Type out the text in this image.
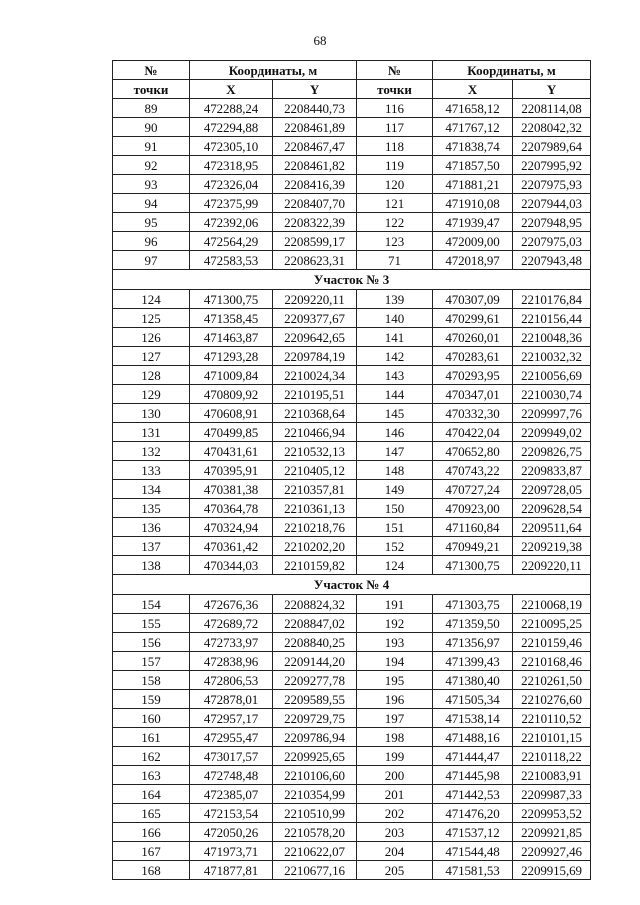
68
№	Координаты, м		№	Координаты, м	
точки	X	Y	точки	X	Y
89	472288,24	2208440,73	116	471658,12	2208114,08
90	472294,88	2208461,89	117	471767,12	2208042,32
91	472305,10	2208467,47	118	471838,74	2207989,64
92	472318,95	2208461,82	119	471857,50	2207995,92
93	472326,04	2208416,39	120	471881,21	2207975,93
94	472375,99	2208407,70	121	471910,08	2207944,03
95	472392,06	2208322,39	122	471939,47	2207948,95
96	472564,29	2208599,17	123	472009,00	2207975,03
97	472583,53	2208623,31	71	472018,97	2207943,48
Участок № 3					
124	471300,75	2209220,11	139	470307,09	2210176,84
125	471358,45	2209377,67	140	470299,61	2210156,44
126	471463,87	2209642,65	141	470260,01	2210048,36
127	471293,28	2209784,19	142	470283,61	2210032,32
128	471009,84	2210024,34	143	470293,95	2210056,69
129	470809,92	2210195,51	144	470347,01	2210030,74
130	470608,91	2210368,64	145	470332,30	2209997,76
131	470499,85	2210466,94	146	470422,04	2209949,02
132	470431,61	2210532,13	147	470652,80	2209826,75
133	470395,91	2210405,12	148	470743,22	2209833,87
134	470381,38	2210357,81	149	470727,24	2209728,05
135	470364,78	2210361,13	150	470923,00	2209628,54
136	470324,94	2210218,76	151	471160,84	2209511,64
137	470361,42	2210202,20	152	470949,21	2209219,38
138	470344,03	2210159,82	124	471300,75	2209220,11
Участок № 4					
154	472676,36	2208824,32	191	471303,75	2210068,19
155	472689,72	2208847,02	192	471359,50	2210095,25
156	472733,97	2208840,25	193	471356,97	2210159,46
157	472838,96	2209144,20	194	471399,43	2210168,46
158	472806,53	2209277,78	195	471380,40	2210261,50
159	472878,01	2209589,55	196	471505,34	2210276,60
160	472957,17	2209729,75	197	471538,14	2210110,52
161	472955,47	2209786,94	198	471488,16	2210101,15
162	473017,57	2209925,65	199	471444,47	2210118,22
163	472748,48	2210106,60	200	471445,98	2210083,91
164	472385,07	2210354,99	201	471442,53	2209987,33
165	472153,54	2210510,99	202	471476,20	2209953,52
166	472050,26	2210578,20	203	471537,12	2209921,85
167	471973,71	2210622,07	204	471544,48	2209927,46
168	471877,81	2210677,16	205	471581,53	2209915,69
